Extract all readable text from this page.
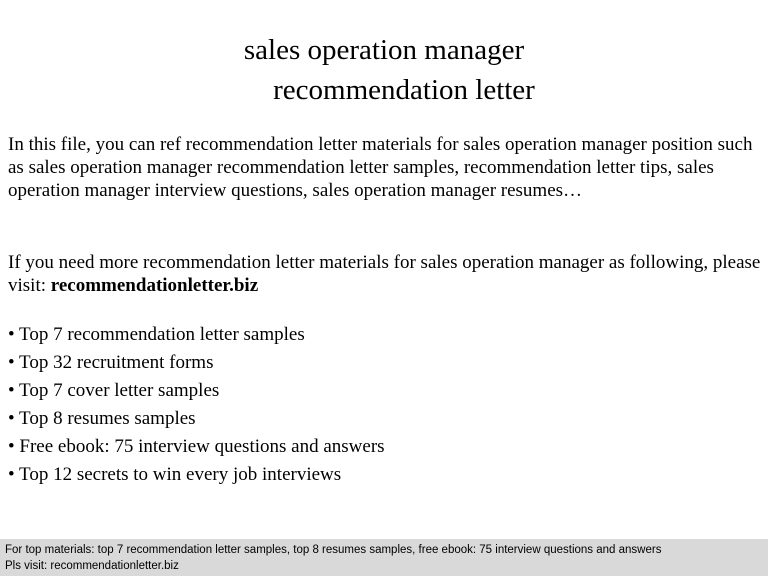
sales operation manager
recommendation letter
In this file, you can ref recommendation letter materials for sales operation manager position such as sales operation manager recommendation letter samples, recommendation letter tips, sales operation manager interview questions, sales operation manager resumes…
If you need more recommendation letter materials for sales operation manager as following, please visit: recommendationletter.biz
• Top 7 recommendation letter samples
• Top 32 recruitment forms
• Top 7 cover letter samples
• Top 8 resumes samples
• Free ebook: 75 interview questions and answers
• Top 12 secrets to win every job interviews
For top materials: top 7 recommendation letter samples, top 8 resumes samples, free ebook: 75 interview questions and answers
Pls visit: recommendationletter.biz
